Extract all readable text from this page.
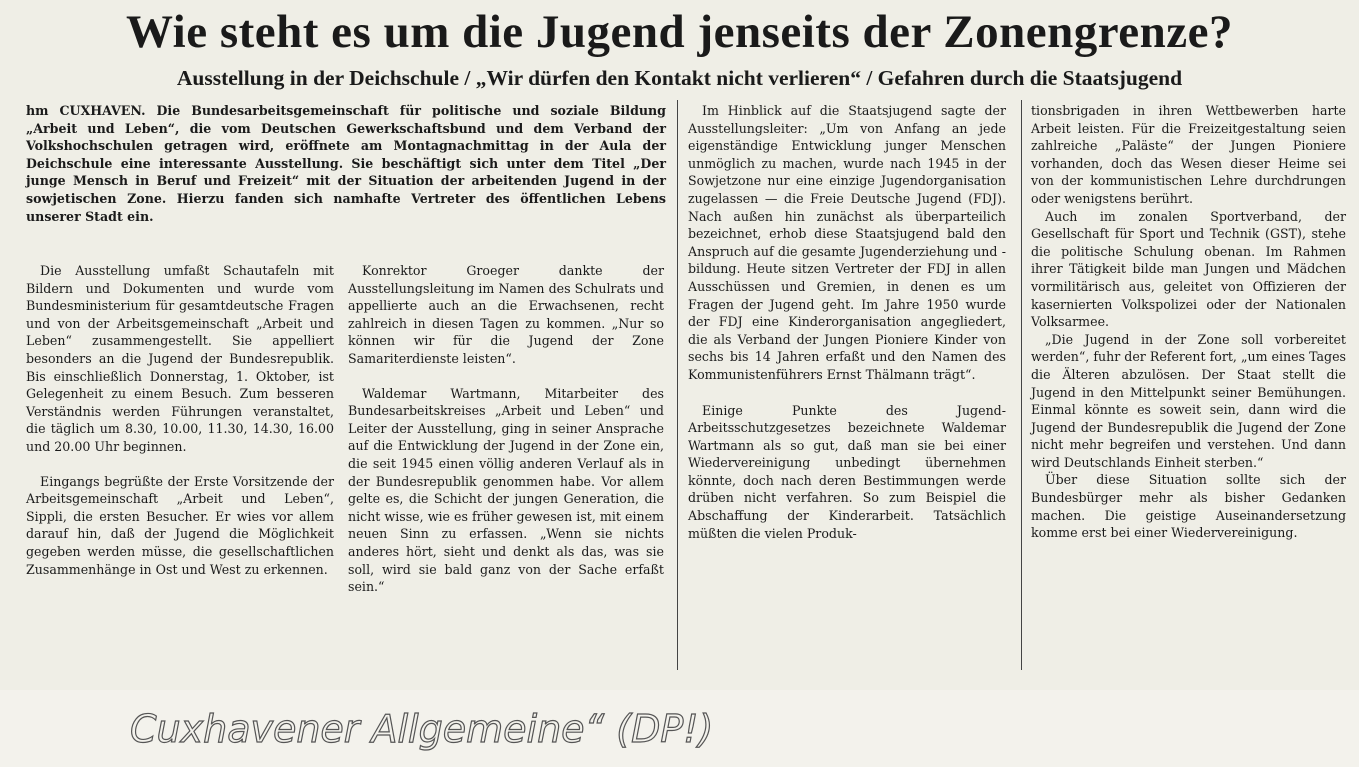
Wie steht es um die Jugend jenseits der Zonengrenze?
Ausstellung in der Deichschule / „Wir dürfen den Kontakt nicht verlieren“ / Gefahren durch die Staatsjugend
hm CUXHAVEN. Die Bundesarbeitsgemeinschaft für politische und soziale Bildung „Arbeit und Leben“, die vom Deutschen Gewerkschaftsbund und dem Verband der Volkshochschulen getragen wird, eröffnete am Montagnachmittag in der Aula der Deichschule eine interessante Ausstellung. Sie beschäftigt sich unter dem Titel „Der junge Mensch in Beruf und Freizeit“ mit der Situation der arbeitenden Jugend in der sowjetischen Zone. Hierzu fanden sich namhafte Vertreter des öffentlichen Lebens unserer Stadt ein.

Die Ausstellung umfaßt Schautafeln mit Bildern und Dokumenten und wurde vom Bundesministerium für gesamtdeutsche Fragen und von der Arbeitsgemeinschaft „Arbeit und Leben“ zusammengestellt. Sie appelliert besonders an die Jugend der Bundesrepublik. Bis einschließlich Donnerstag, 1. Oktober, ist Gelegenheit zu einem Besuch. Zum besseren Verständnis werden Führungen veranstaltet, die täglich um 8.30, 10.00, 11.30, 14.30, 16.00 und 20.00 Uhr beginnen.

Eingangs begrüßte der Erste Vorsitzende der Arbeitsgemeinschaft „Arbeit und Leben“, Sippli, die ersten Besucher. Er wies vor allem darauf hin, daß der Jugend die Möglichkeit gegeben werden müsse, die gesellschaftlichen Zusammenhänge in Ost und West zu erkennen.

Konrektor Groeger dankte der Ausstellungsleitung im Namen des Schulrats und appellierte auch an die Erwachsenen, recht zahlreich in diesen Tagen zu kommen. „Nur so können wir für die Jugend der Zone Samariterdienste leisten“.

Waldemar Wartmann, Mitarbeiter des Bundesarbeitskreises „Arbeit und Leben“ und Leiter der Ausstellung, ging in seiner Ansprache auf die Entwicklung der Jugend in der Zone ein, die seit 1945 einen völlig anderen Verlauf als in der Bundesrepublik genommen habe. Vor allem gelte es, die Schicht der jungen Generation, die nicht wisse, wie es früher gewesen ist, mit einem neuen Sinn zu erfassen. „Wenn sie nichts anderes hört, sieht und denkt als das, was sie soll, wird sie bald ganz von der Sache erfaßt sein.“

Im Hinblick auf die Staatsjugend sagte der Ausstellungsleiter: „Um von Anfang an jede eigenständige Entwicklung junger Menschen unmöglich zu machen, wurde nach 1945 in der Sowjetzone nur eine einzige Jugendorganisation zugelassen — die Freie Deutsche Jugend (FDJ). Nach außen hin zunächst als überparteilich bezeichnet, erhob diese Staatsjugend bald den Anspruch auf die gesamte Jugenderziehung und -bildung. Heute sitzen Vertreter der FDJ in allen Ausschüssen und Gremien, in denen es um Fragen der Jugend geht. Im Jahre 1950 wurde der FDJ eine Kinderorganisation angegliedert, die als Verband der Jungen Pioniere Kinder von sechs bis 14 Jahren erfaßt und den Namen des Kommunistenführers Ernst Thälmann trägt“.

Einige Punkte des Jugend-Arbeitsschutzgesetzes bezeichnete Waldemar Wartmann als so gut, daß man sie bei einer Wiedervereinigung unbedingt übernehmen könnte, doch nach deren Bestimmungen werde drüben nicht verfahren. So zum Beispiel die Abschaffung der Kinderarbeit. Tatsächlich müßten die vielen Produk-

tionsbrigaden in ihren Wettbewerben harte Arbeit leisten. Für die Freizeitgestaltung seien zahlreiche „Paläste“ der Jungen Pioniere vorhanden, doch das Wesen dieser Heime sei von der kommunistischen Lehre durchdrungen oder wenigstens berührt.

Auch im zonalen Sportverband, der Gesellschaft für Sport und Technik (GST), stehe die politische Schulung obenan. Im Rahmen ihrer Tätigkeit bilde man Jungen und Mädchen vormilitärisch aus, geleitet von Offizieren der kasernierten Volkspolizei oder der Nationalen Volksarmee.

„Die Jugend in der Zone soll vorbereitet werden“, fuhr der Referent fort, „um eines Tages die Älteren abzulösen. Der Staat stellt die Jugend in den Mittelpunkt seiner Bemühungen. Einmal könnte es soweit sein, dann wird die Jugend der Bundesrepublik die Jugend der Zone nicht mehr begreifen und verstehen. Und dann wird Deutschlands Einheit sterben.“

Über diese Situation sollte sich der Bundesbürger mehr als bisher Gedanken machen. Die geistige Auseinandersetzung komme erst bei einer Wiedervereinigung.

Cuxhavener Allgemeine“ (DP!)
